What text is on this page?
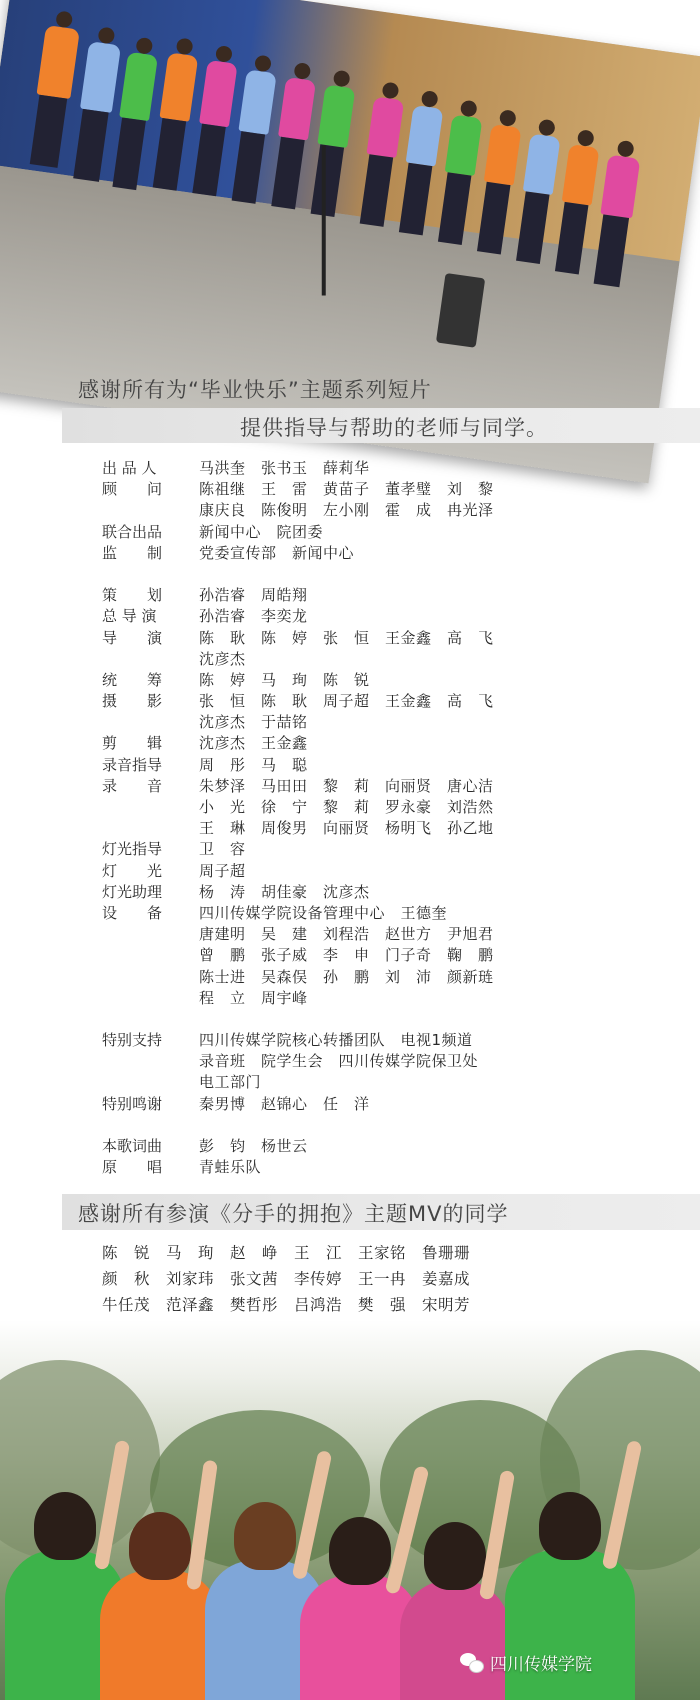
感谢所有为“毕业快乐”主题系列短片
提供指导与帮助的老师与同学。
出 品 人	马洪奎　张书玉　薛莉华
顾　　问	陈祖继　王　雷　黄苗子　董孝璧　刘　黎
康庆良　陈俊明　左小刚　霍　成　冉光泽
联合出品	新闻中心　院团委
监　　制	党委宣传部　新闻中心
策　　划	孙浩睿　周皓翔
总 导 演	孙浩睿　李奕龙
导　　演	陈　耿　陈　婷　张　恒　王金鑫　高　飞
沈彦杰
统　　筹	陈　婷　马　珣　陈　锐
摄　　影	张　恒　陈　耿　周子超　王金鑫　高　飞
沈彦杰　于喆铭
剪　　辑	沈彦杰　王金鑫
录音指导	周　彤　马　聪
录　　音	朱梦泽　马田田　黎　莉　向丽贤　唐心洁
小　光　徐　宁　黎　莉　罗永豪　刘浩然
王　琳　周俊男　向丽贤　杨明飞　孙乙地
灯光指导	卫　容
灯　　光	周子超
灯光助理	杨　涛　胡佳豪　沈彦杰
设　　备	四川传媒学院设备管理中心　王德奎
唐建明　吴　建　刘程浩　赵世方　尹旭君
曾　鹏　张子威　李　申　门子奇　鞠　鹏
陈士进　吴森俣　孙　鹏　刘　沛　颜新琏
程　立　周宇峰
特别支持	四川传媒学院核心转播团队　电视1频道
录音班　院学生会　四川传媒学院保卫处
电工部门
特别鸣谢	秦男博　赵锦心　任　洋
本歌词曲	彭　钧　杨世云
原　　唱	青蛙乐队
感谢所有参演《分手的拥抱》主题MV的同学
陈　锐　马　珣　赵　峥　王　江　王家铭　鲁珊珊
颜　秋　刘家玮　张文茜　李传婷　王一冉　姜嘉成
牛任茂　范泽鑫　樊哲彤　吕鸿浩　樊　强　宋明芳
四川传媒学院
